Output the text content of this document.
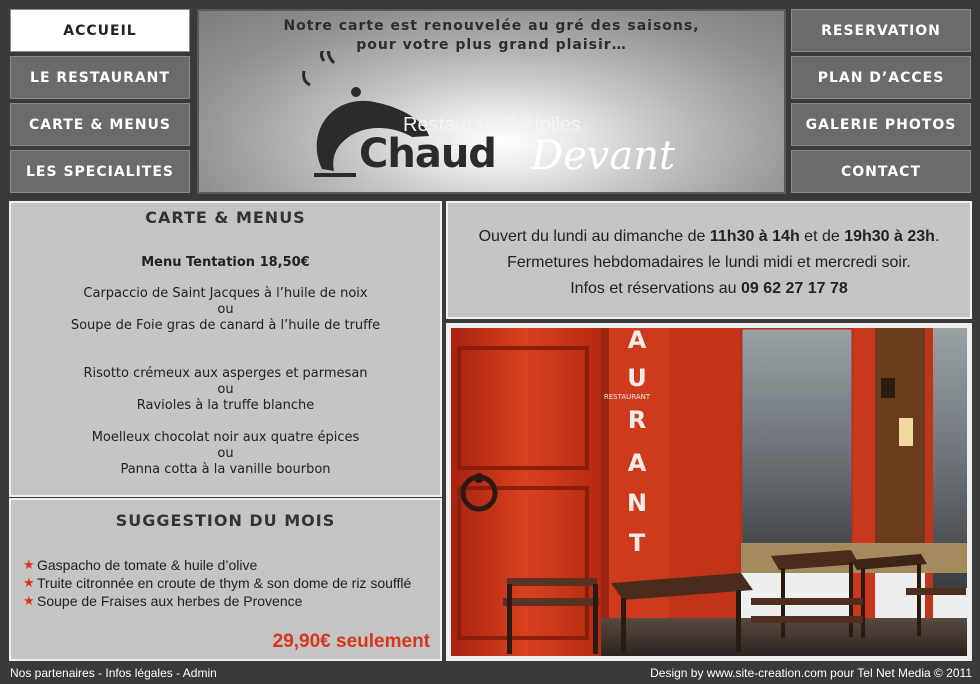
ACCUEIL
LE RESTAURANT
CARTE & MENUS
LES SPECIALITES
RESERVATION
PLAN D’ACCES
GALERIE PHOTOS
CONTACT
Notre carte est renouvelée au gré des saisons,
pour votre plus grand plaisir…
Restaurant 2 étoiles
Chaud Devant
CARTE & MENUS
Menu Tentation 18,50€
Carpaccio de Saint Jacques à l’huile de noix
ou
Soupe de Foie gras de canard à l’huile de truffe
Risotto crémeux aux asperges et parmesan
ou
Ravioles à la truffe blanche
Moelleux chocolat noir aux quatre épices
ou
Panna cotta à la vanille bourbon
SUGGESTION DU MOIS
★ Gaspacho de tomate & huile d’olive
★ Truite citronnée en croute de thym & son dome de riz soufflé
★ Soupe de Fraises aux herbes de Provence
29,90€ seulement
Ouvert du lundi au dimanche de 11h30 à 14h et de 19h30 à 23h.
Fermetures hebdomadaires le lundi midi et mercredi soir.
Infos et réservations au 09 62 27 17 78
A
U
R
A
N
T
RESTAURANT
Nos partenaires - Infos légales - Admin	Design by www.site-creation.com pour Tel Net Media © 2011
